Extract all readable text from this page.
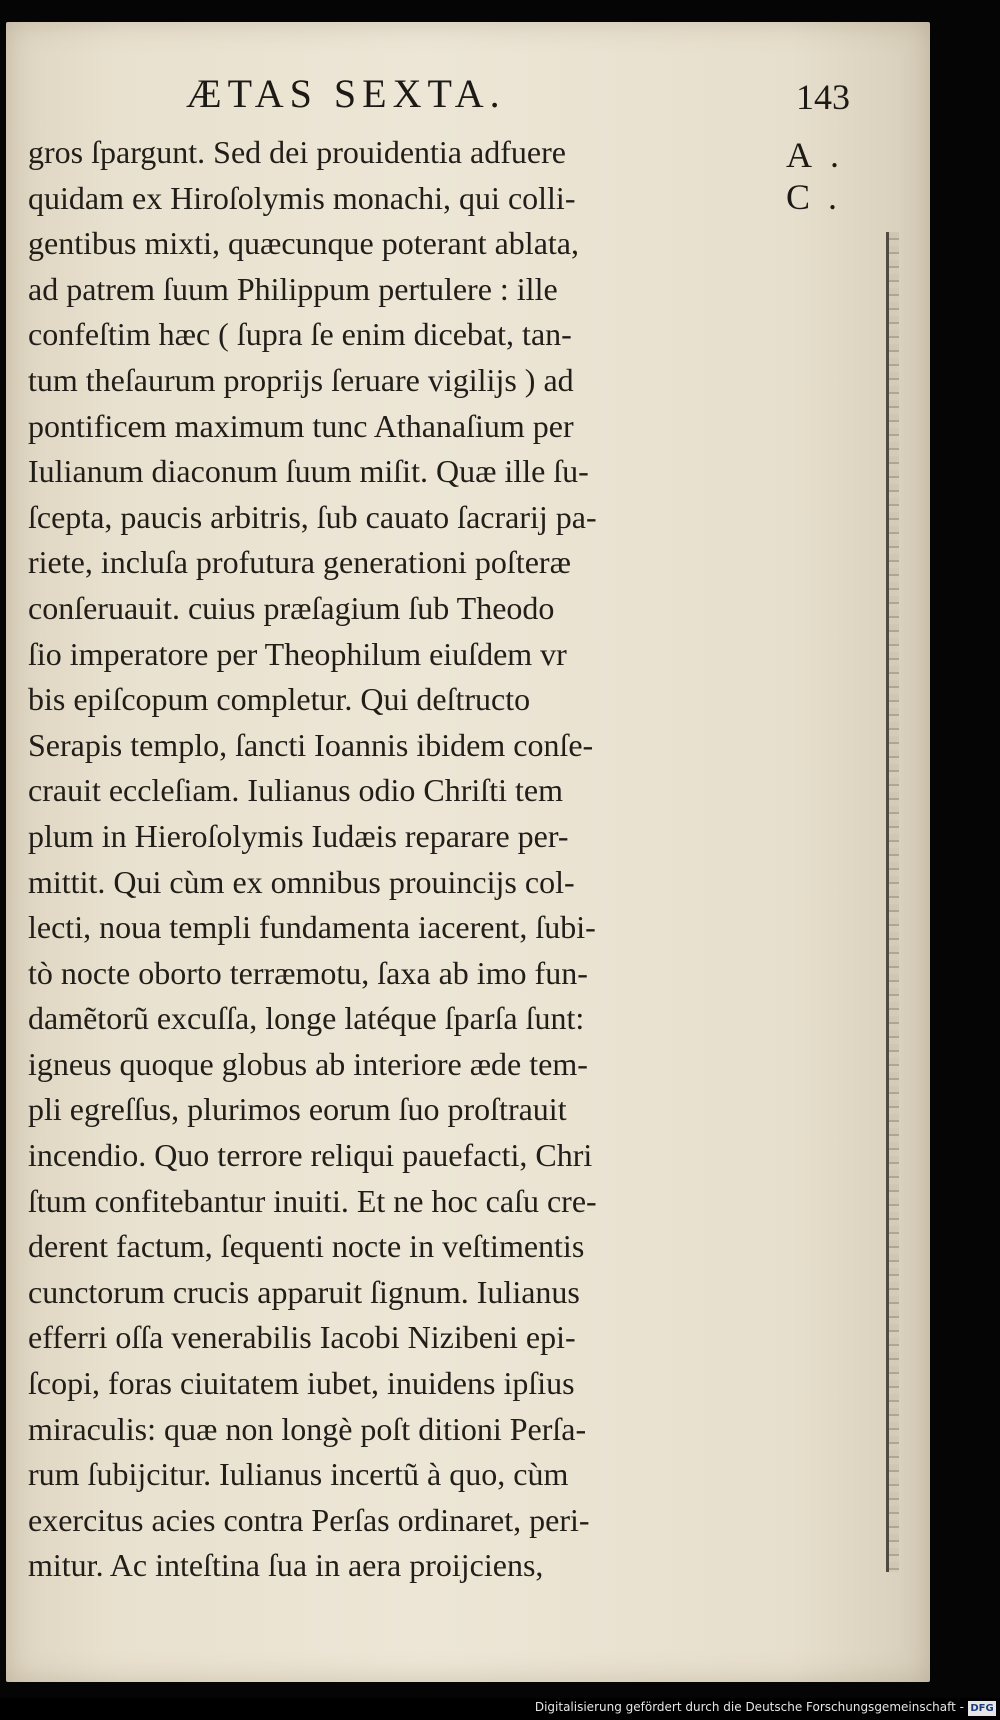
ÆTAS SEXTA.	143
A. C.
gros ſpargunt. Sed dei prouidentia adfuere
quidam ex Hiroſolymis monachi, qui colli-
gentibus mixti, quæcunque poterant ablata,
ad patrem ſuum Philippum pertulere : ille
confeſtim hæc ( ſupra ſe enim dicebat, tan-
tum theſaurum proprijs ſeruare vigilijs ) ad
pontificem maximum tunc Athanaſium per
Iulianum diaconum ſuum miſit. Quæ ille ſu-
ſcepta, paucis arbitris, ſub cauato ſacrarij pa-
riete, incluſa profutura generationi poſteræ
conſeruauit. cuius præſagium ſub Theodo
ſio imperatore per Theophilum eiuſdem vr
bis epiſcopum completur. Qui deſtructo
Serapis templo, ſancti Ioannis ibidem conſe-
crauit eccleſiam. Iulianus odio Chriſti tem
plum in Hieroſolymis Iudæis reparare per-
mittit. Qui cùm ex omnibus prouincijs col-
lecti, noua templi fundamenta iacerent, ſubi-
tò nocte oborto terræmotu, ſaxa ab imo fun-
damẽtorũ excuſſa, longe latéque ſparſa ſunt:
igneus quoque globus ab interiore æde tem-
pli egreſſus, plurimos eorum ſuo proſtrauit
incendio. Quo terrore reliqui pauefacti, Chri
ſtum confitebantur inuiti. Et ne hoc caſu cre-
derent factum, ſequenti nocte in veſtimentis
cunctorum crucis apparuit ſignum. Iulianus
efferri oſſa venerabilis Iacobi Nizibeni epi-
ſcopi, foras ciuitatem iubet, inuidens ipſius
miraculis: quæ non longè poſt ditioni Perſa-
rum ſubijcitur. Iulianus incertũ à quo, cùm
exercitus acies contra Perſas ordinaret, peri-
mitur. Ac inteſtina ſua in aera proijciens,
Digitalisierung gefördert durch die Deutsche Forschungsgemeinschaft - DFG
